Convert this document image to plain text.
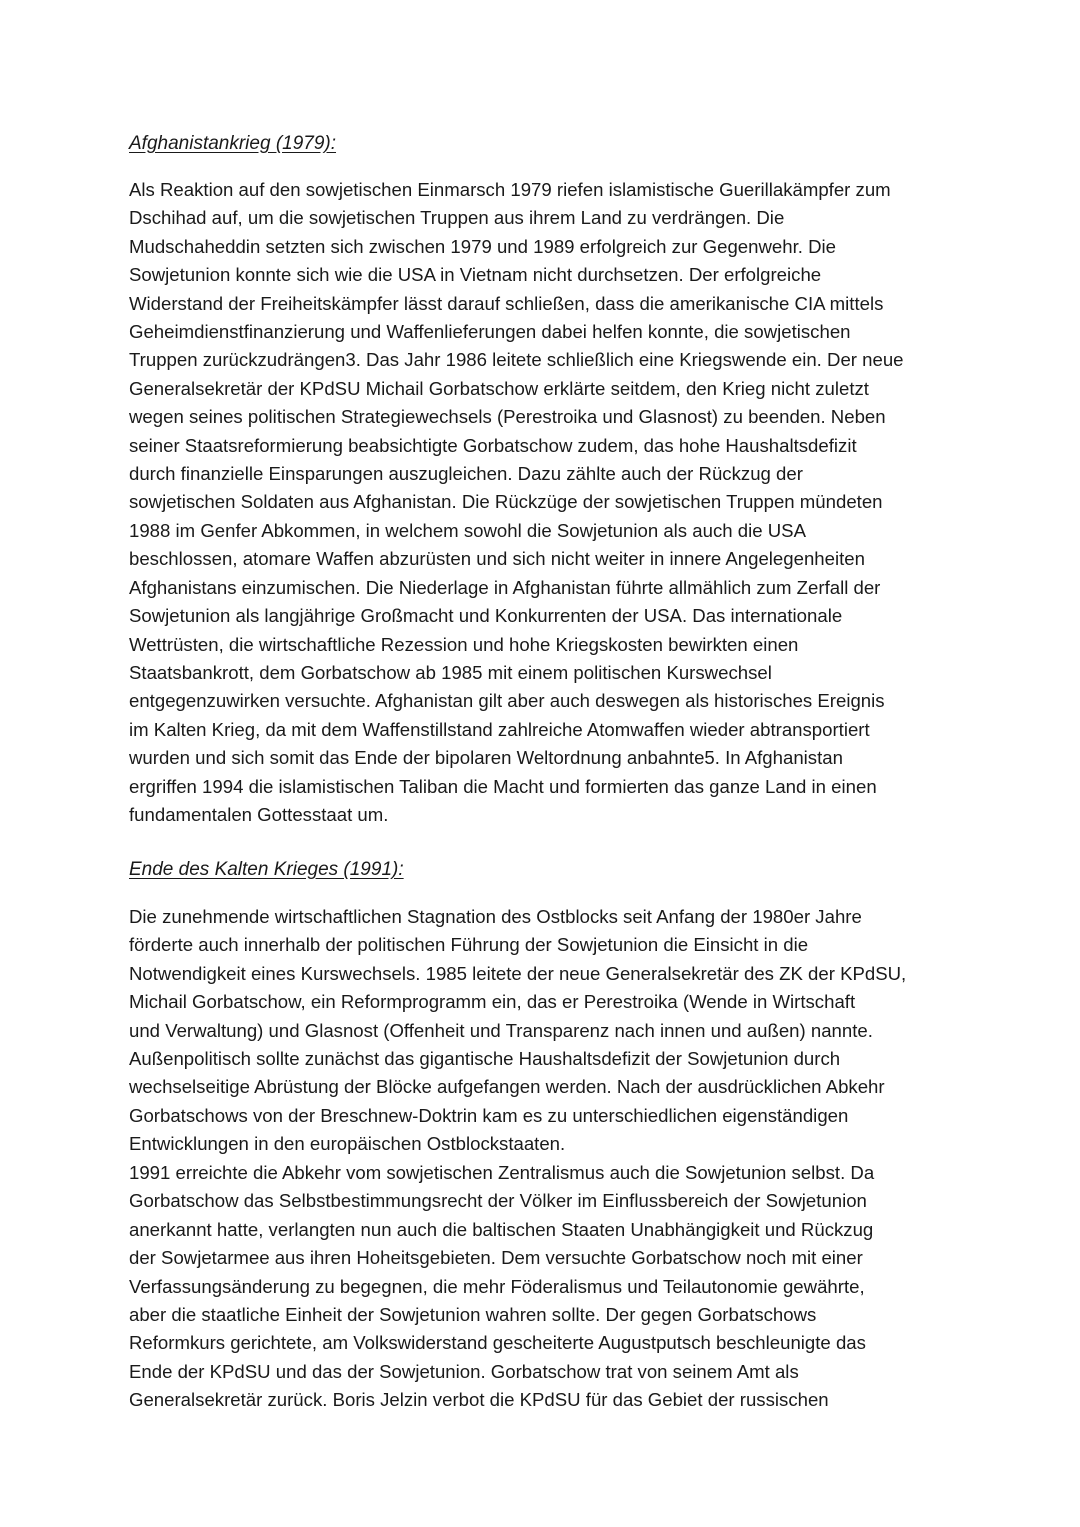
Afghanistankrieg (1979):

Als Reaktion auf den sowjetischen Einmarsch 1979 riefen islamistische Guerillakämpfer zum
Dschihad auf, um die sowjetischen Truppen aus ihrem Land zu verdrängen. Die
Mudschaheddin setzten sich zwischen 1979 und 1989 erfolgreich zur Gegenwehr. Die
Sowjetunion konnte sich wie die USA in Vietnam nicht durchsetzen. Der erfolgreiche
Widerstand der Freiheitskämpfer lässt darauf schließen, dass die amerikanische CIA mittels
Geheimdienstfinanzierung und Waffenlieferungen dabei helfen konnte, die sowjetischen
Truppen zurückzudrängen3. Das Jahr 1986 leitete schließlich eine Kriegswende ein. Der neue
Generalsekretär der KPdSU Michail Gorbatschow erklärte seitdem, den Krieg nicht zuletzt
wegen seines politischen Strategiewechsels (Perestroika und Glasnost) zu beenden. Neben
seiner Staatsreformierung beabsichtigte Gorbatschow zudem, das hohe Haushaltsdefizit
durch finanzielle Einsparungen auszugleichen. Dazu zählte auch der Rückzug der
sowjetischen Soldaten aus Afghanistan. Die Rückzüge der sowjetischen Truppen mündeten
1988 im Genfer Abkommen, in welchem sowohl die Sowjetunion als auch die USA
beschlossen, atomare Waffen abzurüsten und sich nicht weiter in innere Angelegenheiten
Afghanistans einzumischen. Die Niederlage in Afghanistan führte allmählich zum Zerfall der
Sowjetunion als langjährige Großmacht und Konkurrenten der USA. Das internationale
Wettrüsten, die wirtschaftliche Rezession und hohe Kriegskosten bewirkten einen
Staatsbankrott, dem Gorbatschow ab 1985 mit einem politischen Kurswechsel
entgegenzuwirken versuchte. Afghanistan gilt aber auch deswegen als historisches Ereignis
im Kalten Krieg, da mit dem Waffenstillstand zahlreiche Atomwaffen wieder abtransportiert
wurden und sich somit das Ende der bipolaren Weltordnung anbahnte5. In Afghanistan
ergriffen 1994 die islamistischen Taliban die Macht und formierten das ganze Land in einen
fundamentalen Gottesstaat um.

Ende des Kalten Krieges (1991):

Die zunehmende wirtschaftlichen Stagnation des Ostblocks seit Anfang der 1980er Jahre
förderte auch innerhalb der politischen Führung der Sowjetunion die Einsicht in die
Notwendigkeit eines Kurswechsels. 1985 leitete der neue Generalsekretär des ZK der KPdSU,
Michail Gorbatschow, ein Reformprogramm ein, das er Perestroika (Wende in Wirtschaft
und Verwaltung) und Glasnost (Offenheit und Transparenz nach innen und außen) nannte.
Außenpolitisch sollte zunächst das gigantische Haushaltsdefizit der Sowjetunion durch
wechselseitige Abrüstung der Blöcke aufgefangen werden. Nach der ausdrücklichen Abkehr
Gorbatschows von der Breschnew-Doktrin kam es zu unterschiedlichen eigenständigen
Entwicklungen in den europäischen Ostblockstaaten.

1991 erreichte die Abkehr vom sowjetischen Zentralismus auch die Sowjetunion selbst. Da
Gorbatschow das Selbstbestimmungsrecht der Völker im Einflussbereich der Sowjetunion
anerkannt hatte, verlangten nun auch die baltischen Staaten Unabhängigkeit und Rückzug
der Sowjetarmee aus ihren Hoheitsgebieten. Dem versuchte Gorbatschow noch mit einer
Verfassungsänderung zu begegnen, die mehr Föderalismus und Teilautonomie gewährte,
aber die staatliche Einheit der Sowjetunion wahren sollte. Der gegen Gorbatschows
Reformkurs gerichtete, am Volkswiderstand gescheiterte Augustputsch beschleunigte das
Ende der KPdSU und das der Sowjetunion. Gorbatschow trat von seinem Amt als
Generalsekretär zurück. Boris Jelzin verbot die KPdSU für das Gebiet der russischen
